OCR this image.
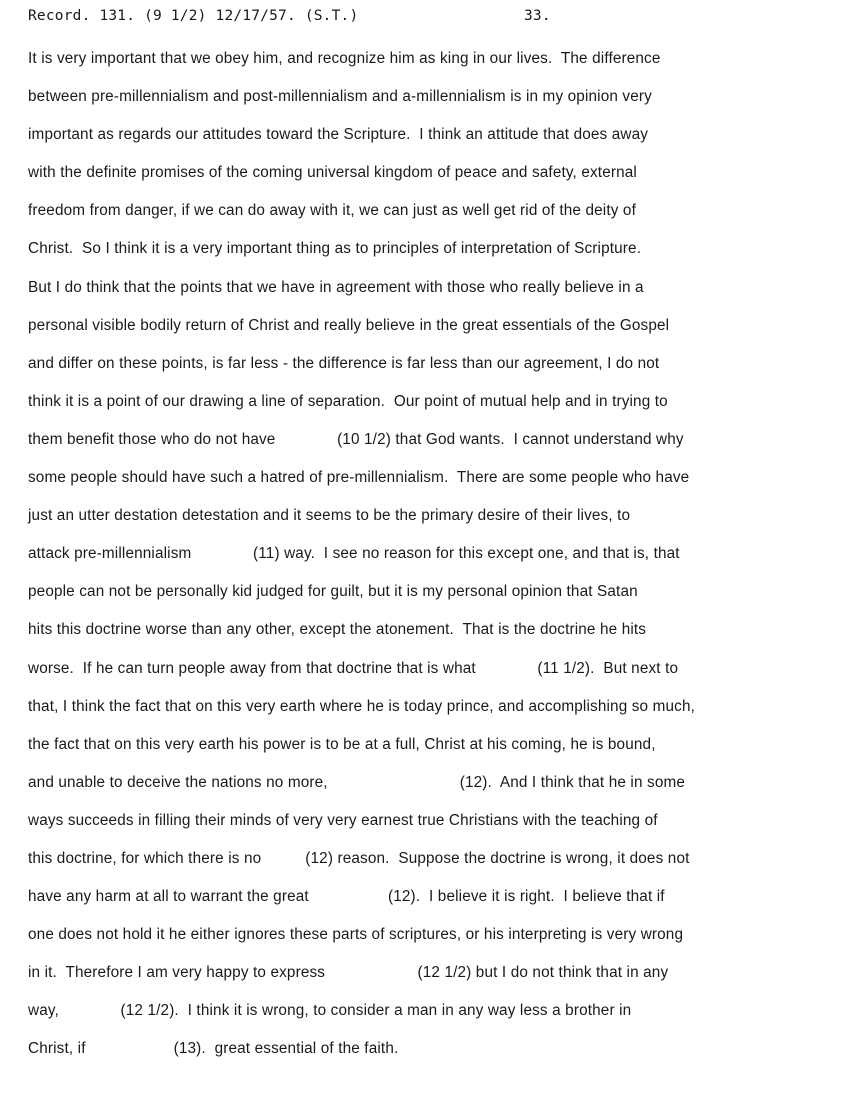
Record. 131. (9 1/2) 12/17/57. (S.T.)	33.
It is very important that we obey him, and recognize him as king in our lives.  The difference
between pre-millennialism and post-millennialism and a-millennialism is in my opinion very
important as regards our attitudes toward the Scripture.  I think an attitude that does away
with the definite promises of the coming universal kingdom of peace and safety, external
freedom from danger, if we can do away with it, we can just as well get rid of the deity of
Christ.  So I think it is a very important thing as to principles of interpretation of Scripture.
But I do think that the points that we have in agreement with those who really believe in a
personal visible bodily return of Christ and really believe in the great essentials of the Gospel
and differ on these points, is far less - the difference is far less than our agreement, I do not
think it is a point of our drawing a line of separation.  Our point of mutual help and in trying to
them benefit those who do not have              (10 1/2) that God wants.  I cannot understand why
some people should have such a hatred of pre-millennialism.  There are some people who have
just an utter destation detestation and it seems to be the primary desire of their lives, to
attack pre-millennialism              (11) way.  I see no reason for this except one, and that is, that
people can not be personally kid judged for guilt, but it is my personal opinion that Satan
hits this doctrine worse than any other, except the atonement.  That is the doctrine he hits
worse.  If he can turn people away from that doctrine that is what              (11 1/2).  But next to
that, I think the fact that on this very earth where he is today prince, and accomplishing so much,
the fact that on this very earth his power is to be at a full, Christ at his coming, he is bound,
and unable to deceive the nations no more,                              (12).  And I think that he in some
ways succeeds in filling their minds of very very earnest true Christians with the teaching of
this doctrine, for which there is no          (12) reason.  Suppose the doctrine is wrong, it does not
have any harm at all to warrant the great                  (12).  I believe it is right.  I believe that if
one does not hold it he either ignores these parts of scriptures, or his interpreting is very wrong
in it.  Therefore I am very happy to express                     (12 1/2) but I do not think that in any
way,              (12 1/2).  I think it is wrong, to consider a man in any way less a brother in
Christ, if                    (13).  great essential of the faith.
